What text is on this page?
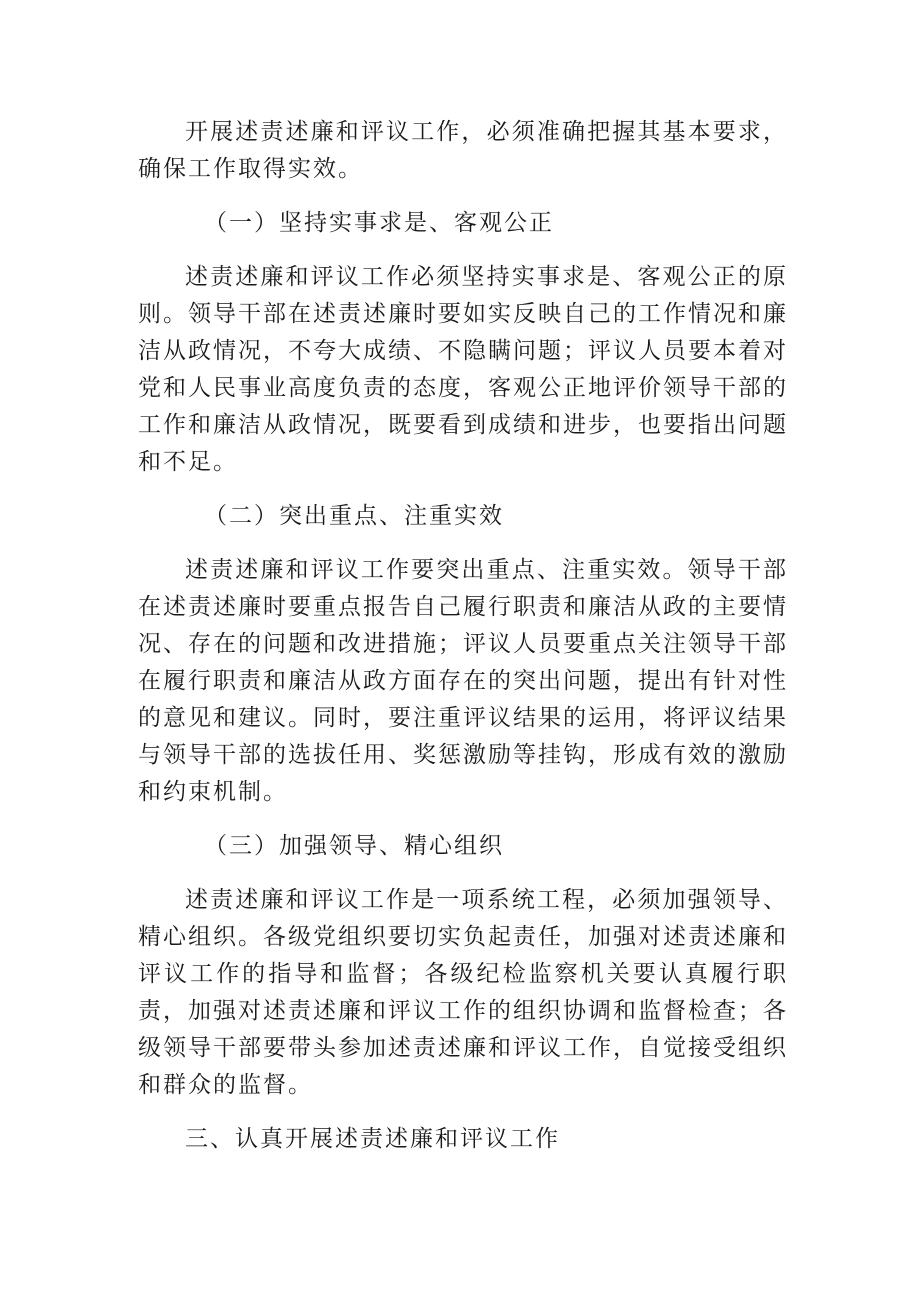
开展述责述廉和评议工作，必须准确把握其基本要求，确保工作取得实效。

（一）坚持实事求是、客观公正

述责述廉和评议工作必须坚持实事求是、客观公正的原则。领导干部在述责述廉时要如实反映自己的工作情况和廉洁从政情况，不夸大成绩、不隐瞒问题；评议人员要本着对党和人民事业高度负责的态度，客观公正地评价领导干部的工作和廉洁从政情况，既要看到成绩和进步，也要指出问题和不足。

（二）突出重点、注重实效

述责述廉和评议工作要突出重点、注重实效。领导干部在述责述廉时要重点报告自己履行职责和廉洁从政的主要情况、存在的问题和改进措施；评议人员要重点关注领导干部在履行职责和廉洁从政方面存在的突出问题，提出有针对性的意见和建议。同时，要注重评议结果的运用，将评议结果与领导干部的选拔任用、奖惩激励等挂钩，形成有效的激励和约束机制。

（三）加强领导、精心组织

述责述廉和评议工作是一项系统工程，必须加强领导、精心组织。各级党组织要切实负起责任，加强对述责述廉和评议工作的指导和监督；各级纪检监察机关要认真履行职责，加强对述责述廉和评议工作的组织协调和监督检查；各级领导干部要带头参加述责述廉和评议工作，自觉接受组织和群众的监督。

三、认真开展述责述廉和评议工作
